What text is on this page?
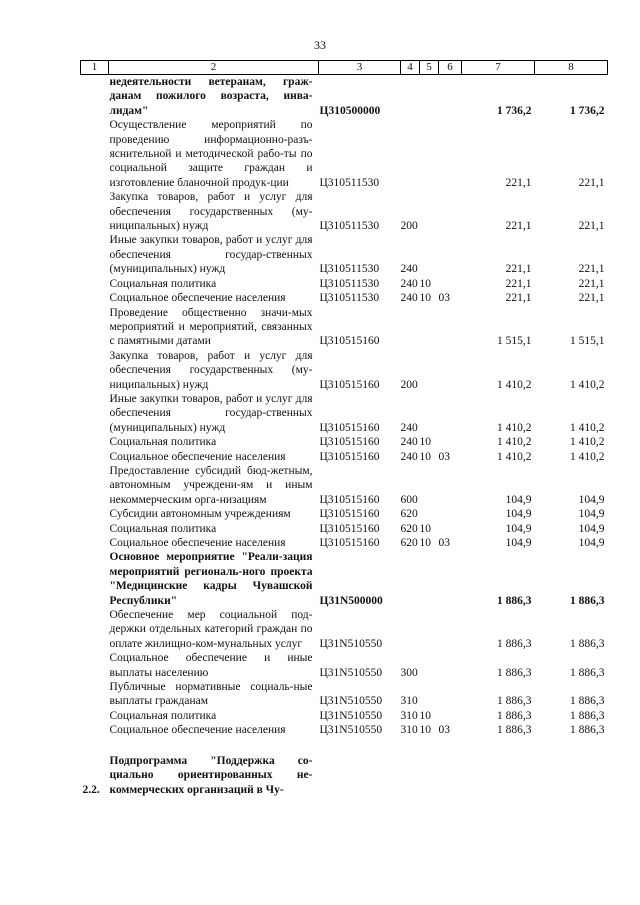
33
1	2	3	4	5	6	7	8
	недеятельности ветеранам, граж-данам пожилого возраста, инва-лидам"	Ц310500000				1 736,2	1 736,2
	Осуществление мероприятий по проведению информационно-разъ-яснительной и методической рабо-ты по социальной защите граждан и изготовление бланочной продук-ции	Ц310511530				221,1	221,1
	Закупка товаров, работ и услуг для обеспечения государственных (му-ниципальных) нужд	Ц310511530	200			221,1	221,1
	Иные закупки товаров, работ и услуг для обеспечения государ-ственных (муниципальных) нужд	Ц310511530	240			221,1	221,1
	Социальная политика	Ц310511530	240	10		221,1	221,1
	Социальное обеспечение населения	Ц310511530	240	10	03	221,1	221,1
	Проведение общественно значи-мых мероприятий и мероприятий, связанных с памятными датами	Ц310515160				1 515,1	1 515,1
	Закупка товаров, работ и услуг для обеспечения государственных (му-ниципальных) нужд	Ц310515160	200			1 410,2	1 410,2
	Иные закупки товаров, работ и услуг для обеспечения государ-ственных (муниципальных) нужд	Ц310515160	240			1 410,2	1 410,2
	Социальная политика	Ц310515160	240	10		1 410,2	1 410,2
	Социальное обеспечение населения	Ц310515160	240	10	03	1 410,2	1 410,2
	Предоставление субсидий бюд-жетным, автономным учреждени-ям и иным некоммерческим орга-низациям	Ц310515160	600			104,9	104,9
	Субсидии автономным учреждениям	Ц310515160	620			104,9	104,9
	Социальная политика	Ц310515160	620	10		104,9	104,9
	Социальное обеспечение населения	Ц310515160	620	10	03	104,9	104,9
	Основное мероприятие "Реали-зация мероприятий региональ-ного проекта "Медицинские кадры Чувашской Республики"	Ц31N500000				1 886,3	1 886,3
	Обеспечение мер социальной под-держки отдельных категорий граждан по оплате жилищно-ком-мунальных услуг	Ц31N510550				1 886,3	1 886,3
	Социальное обеспечение и иные выплаты населению	Ц31N510550	300			1 886,3	1 886,3
	Публичные нормативные социаль-ные выплаты гражданам	Ц31N510550	310			1 886,3	1 886,3
	Социальная политика	Ц31N510550	310	10		1 886,3	1 886,3
	Социальное обеспечение населения	Ц31N510550	310	10	03	1 886,3	1 886,3
2.2.	Подпрограмма "Поддержка со-циально ориентированных не-коммерческих организаций в Чу-						
